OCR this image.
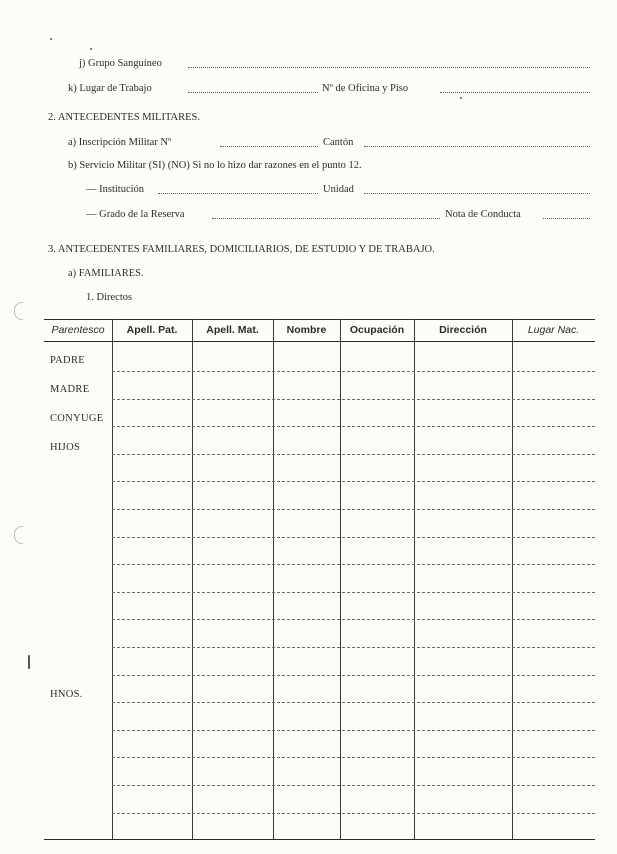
j) Grupo Sanguíneo
k) Lugar de Trabajo	Nº de Oficina y Piso
2. ANTECEDENTES MILITARES.
a) Inscripción Militar Nº	Cantón
b) Servicio Militar (SI) (NO) Si no lo hizo dar razones en el punto 12.
— Institución	Unidad
— Grado de la Reserva	Nota de Conducta
3. ANTECEDENTES FAMILIARES, DOMICILIARIOS, DE ESTUDIO Y DE TRABAJO.
a) FAMILIARES.
1. Directos
Parentesco	Apell. Pat.	Apell. Mat.	Nombre	Ocupación	Dirección	Lugar Nac.
PADRE
MADRE
CONYUGE
HIJOS
HNOS.
